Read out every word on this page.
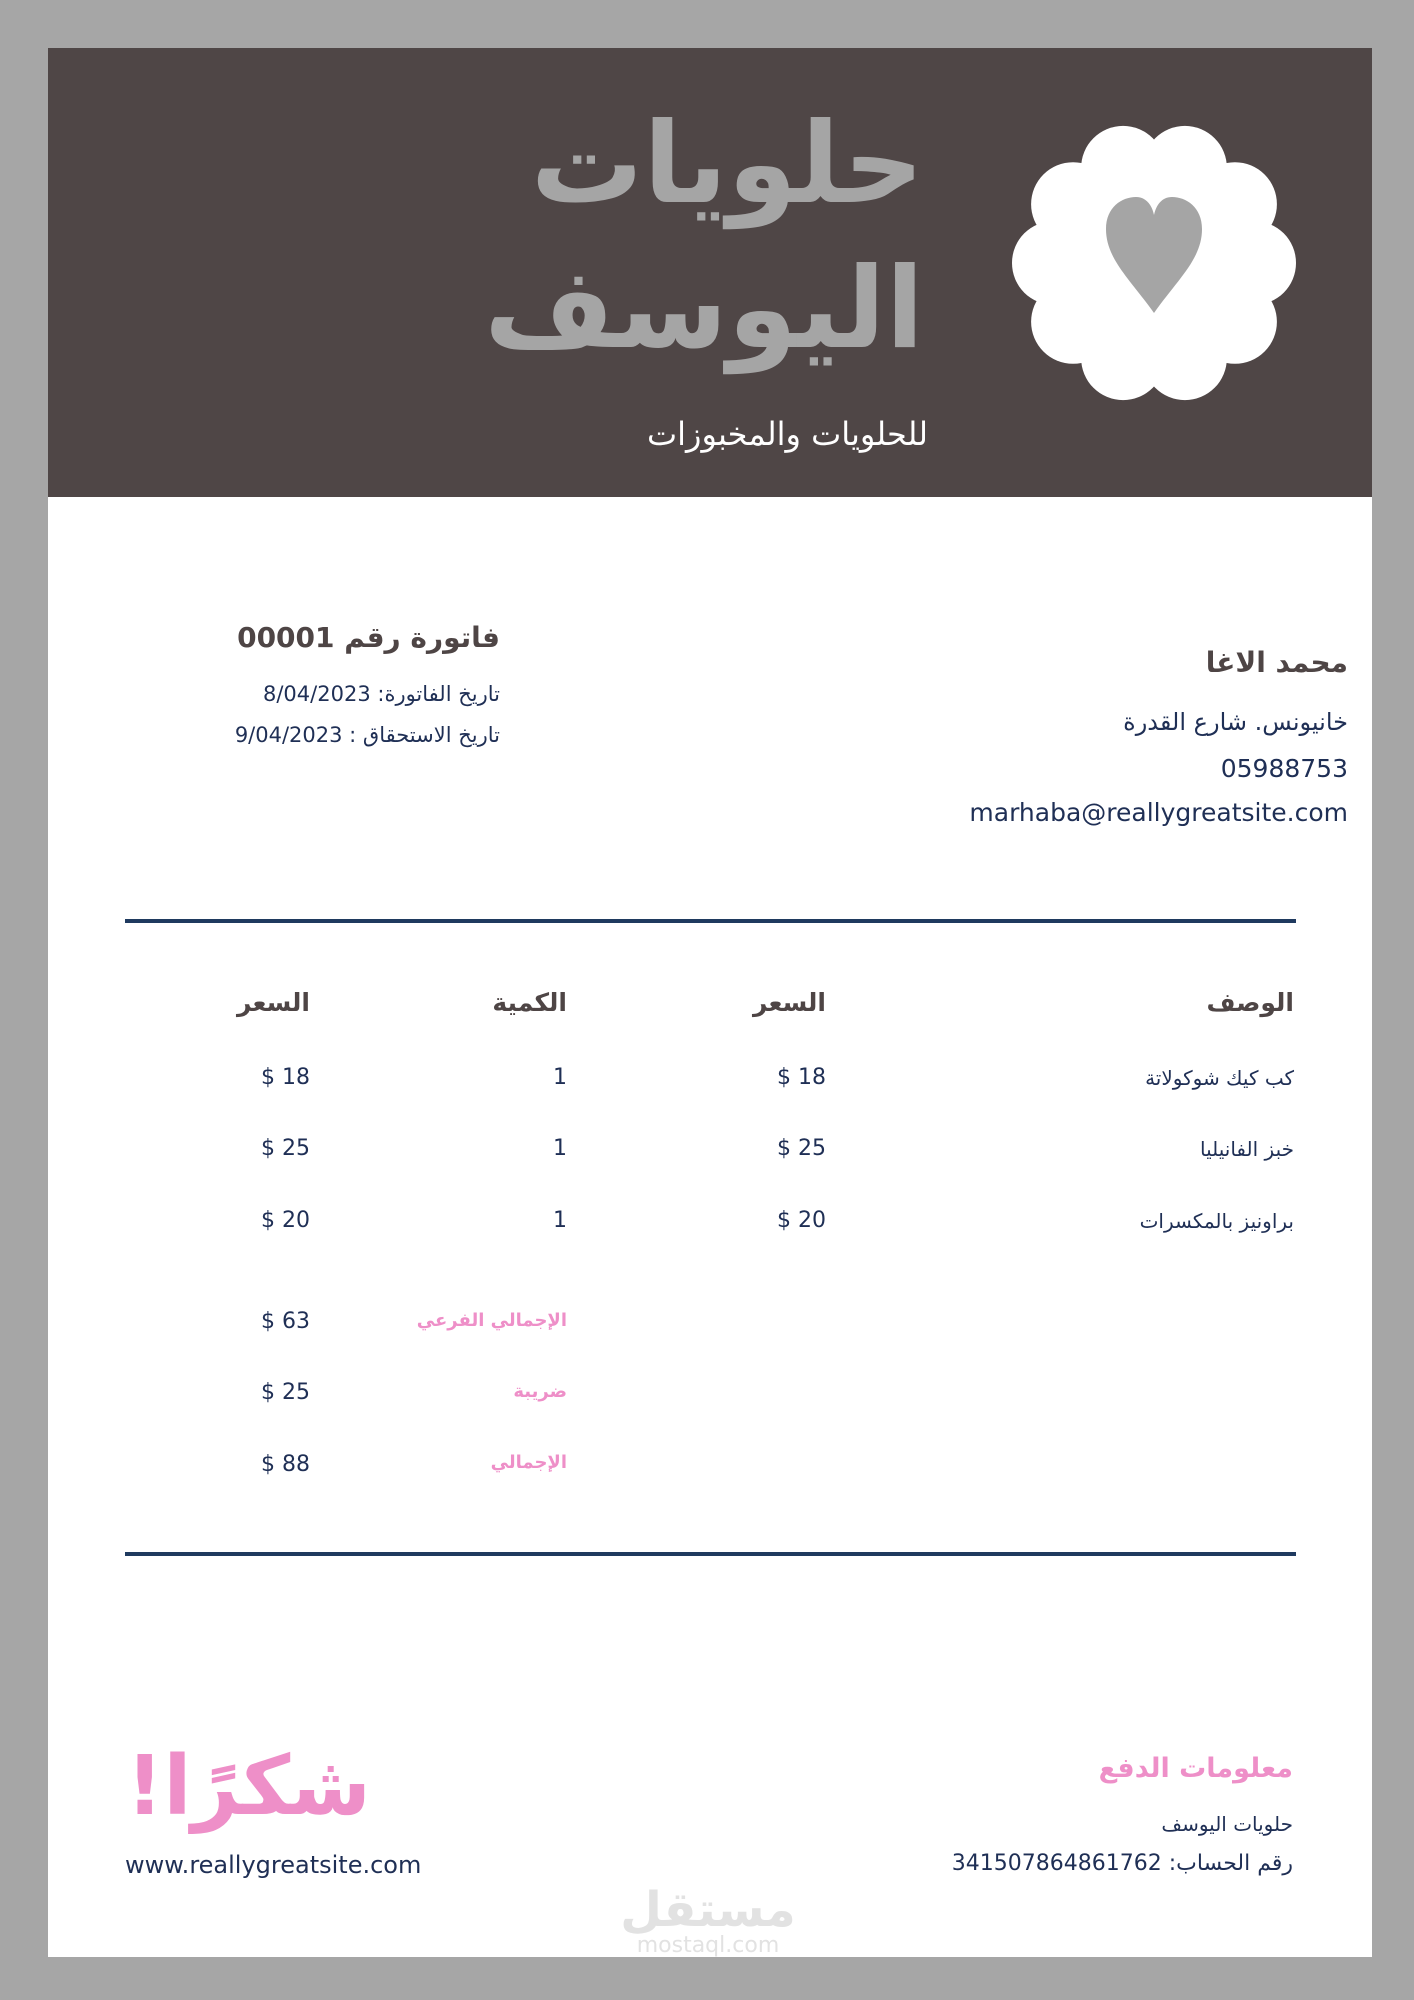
حلويات
اليوسف
للحلويات والمخبوزات
فاتورة رقم 00001
تاريخ الفاتورة: 8/04/2023
تاريخ الاستحقاق : 9/04/2023
محمد الاغا
خانيونس. شارع القدرة
05988753
marhaba@reallygreatsite.com
الوصف
السعر
الكمية
السعر
كب كيك شوكولاتة
$ 18
1
$ 18
خبز الفانيليا
$ 25
1
$ 25
براونيز بالمكسرات
$ 20
1
$ 20
الإجمالي الفرعي
$ 63
ضريبة
$ 25
الإجمالي
$ 88
معلومات الدفع
حلويات اليوسف
رقم الحساب: 341507864861762
شكرًا!
www.reallygreatsite.com
مستقل
mostaql.com
